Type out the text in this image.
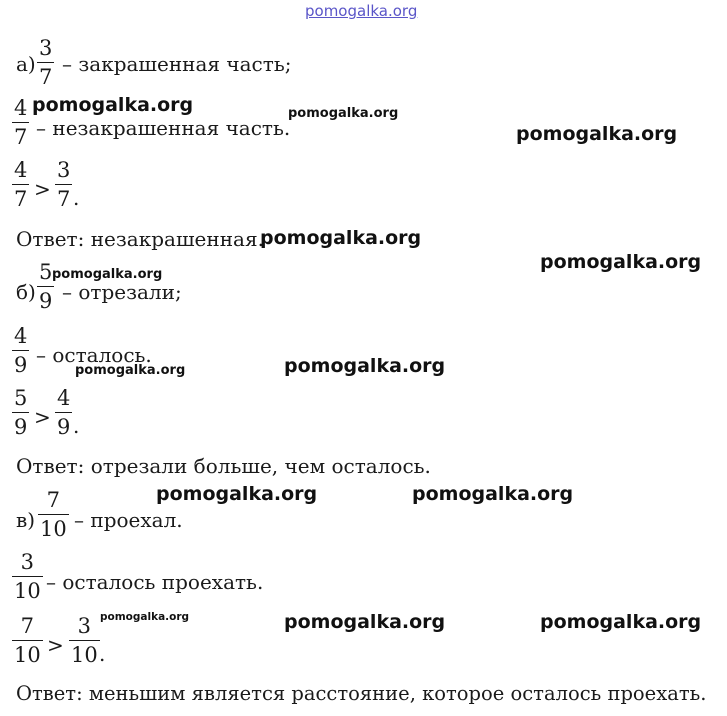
pomogalka.org
а)
3
7
– закрашенная часть;
4
7 – незакрашенная часть.
4
7 >
3
7 .
Ответ: незакрашенная.
б)
5
9 – отрезали;
4
9 – осталось.
5
9 >
4
9 .
Ответ: отрезали больше, чем осталось.
в)
7
10 – проехал.
3
10 – осталось проехать.
7
10 >
3
10 .
Ответ: меньшим является расстояние, которое осталось проехать.
pomogalka.org	pomogalka.org
pomogalka.org
pomogalka.org
pomogalka.org
pomogalka.org
pomogalka.org
pomogalka.org
pomogalka.org	pomogalka.org
pomogalka.org	pomogalka.org	pomogalka.org
